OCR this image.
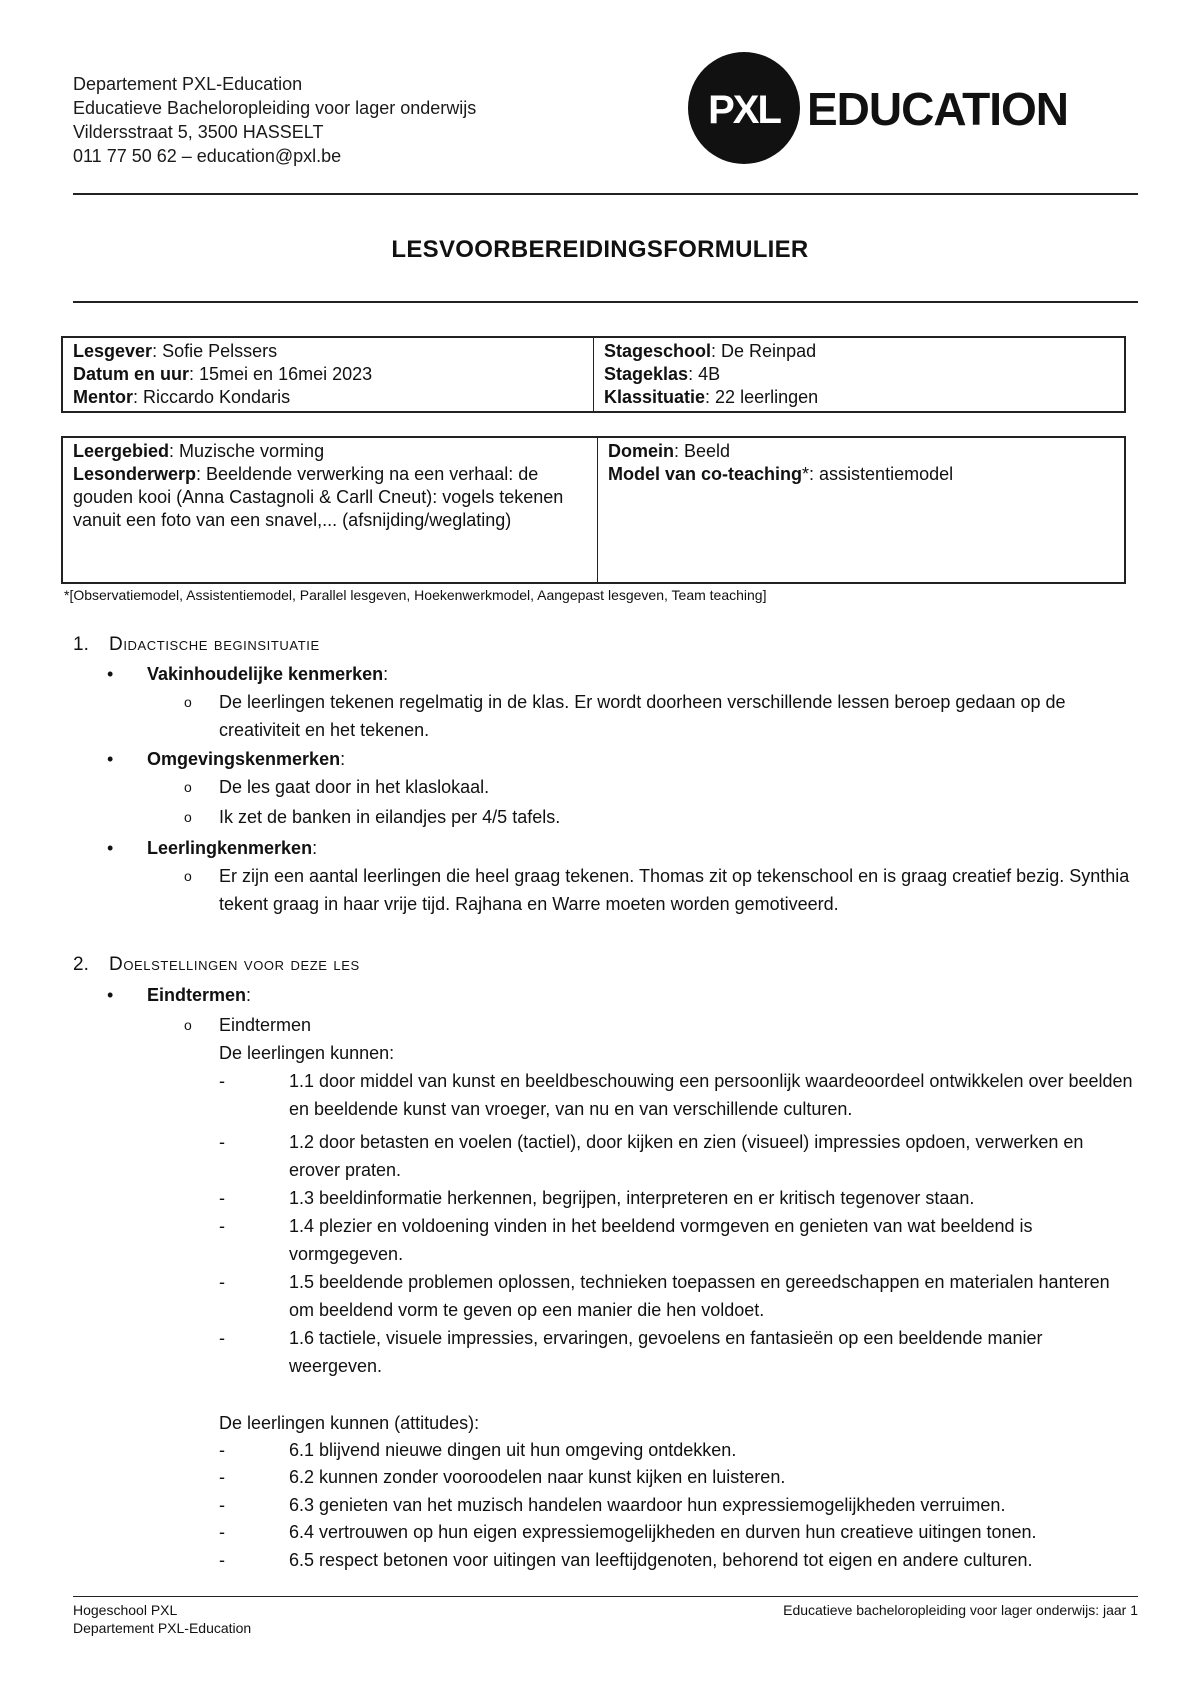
Departement PXL-Education
Educatieve Bacheloropleiding voor lager onderwijs
Vildersstraat 5, 3500 HASSELT
011 77 50 62 – education@pxl.be
PXL EDUCATION
LESVOORBEREIDINGSFORMULIER
Lesgever: Sofie Pelssers
Datum en uur: 15mei en 16mei 2023
Mentor: Riccardo Kondaris

Stageschool: De Reinpad
Stageklas: 4B
Klassituatie: 22 leerlingen
Leergebied: Muzische vorming
Lesonderwerp: Beeldende verwerking na een verhaal: de gouden kooi (Anna Castagnoli & Carll Cneut): vogels tekenen vanuit een foto van een snavel,... (afsnijding/weglating)

Domein: Beeld
Model van co-teaching*: assistentiemodel
*[Observatiemodel, Assistentiemodel, Parallel lesgeven, Hoekenwerkmodel, Aangepast lesgeven, Team teaching]
1. Didactische beginsituatie
• Vakinhoudelijke kenmerken:
o De leerlingen tekenen regelmatig in de klas. Er wordt doorheen verschillende lessen beroep gedaan op de creativiteit en het tekenen.
• Omgevingskenmerken:
o De les gaat door in het klaslokaal.
o Ik zet de banken in eilandjes per 4/5 tafels.
• Leerlingkenmerken:
o Er zijn een aantal leerlingen die heel graag tekenen. Thomas zit op tekenschool en is graag creatief bezig. Synthia tekent graag in haar vrije tijd. Rajhana en Warre moeten worden gemotiveerd.
2. Doelstellingen voor deze les
• Eindtermen:
o Eindtermen
De leerlingen kunnen:
-	1.1 door middel van kunst en beeldbeschouwing een persoonlijk waardeoordeel ontwikkelen over beelden en beeldende kunst van vroeger, van nu en van verschillende culturen.
-	1.2 door betasten en voelen (tactiel), door kijken en zien (visueel) impressies opdoen, verwerken en erover praten.
-	1.3 beeldinformatie herkennen, begrijpen, interpreteren en er kritisch tegenover staan.
-	1.4 plezier en voldoening vinden in het beeldend vormgeven en genieten van wat beeldend is vormgegeven.
-	1.5 beeldende problemen oplossen, technieken toepassen en gereedschappen en materialen hanteren om beeldend vorm te geven op een manier die hen voldoet.
-	1.6 tactiele, visuele impressies, ervaringen, gevoelens en fantasieën op een beeldende manier weergeven.
De leerlingen kunnen (attitudes):
-	6.1 blijvend nieuwe dingen uit hun omgeving ontdekken.
-	6.2 kunnen zonder vooroodelen naar kunst kijken en luisteren.
-	6.3 genieten van het muzisch handelen waardoor hun expressiemogelijkheden verruimen.
-	6.4 vertrouwen op hun eigen expressiemogelijkheden en durven hun creatieve uitingen tonen.
-	6.5 respect betonen voor uitingen van leeftijdgenoten, behorend tot eigen en andere culturen.
Hogeschool PXL
Departement PXL-Education
Educatieve bacheloropleiding voor lager onderwijs: jaar 1
